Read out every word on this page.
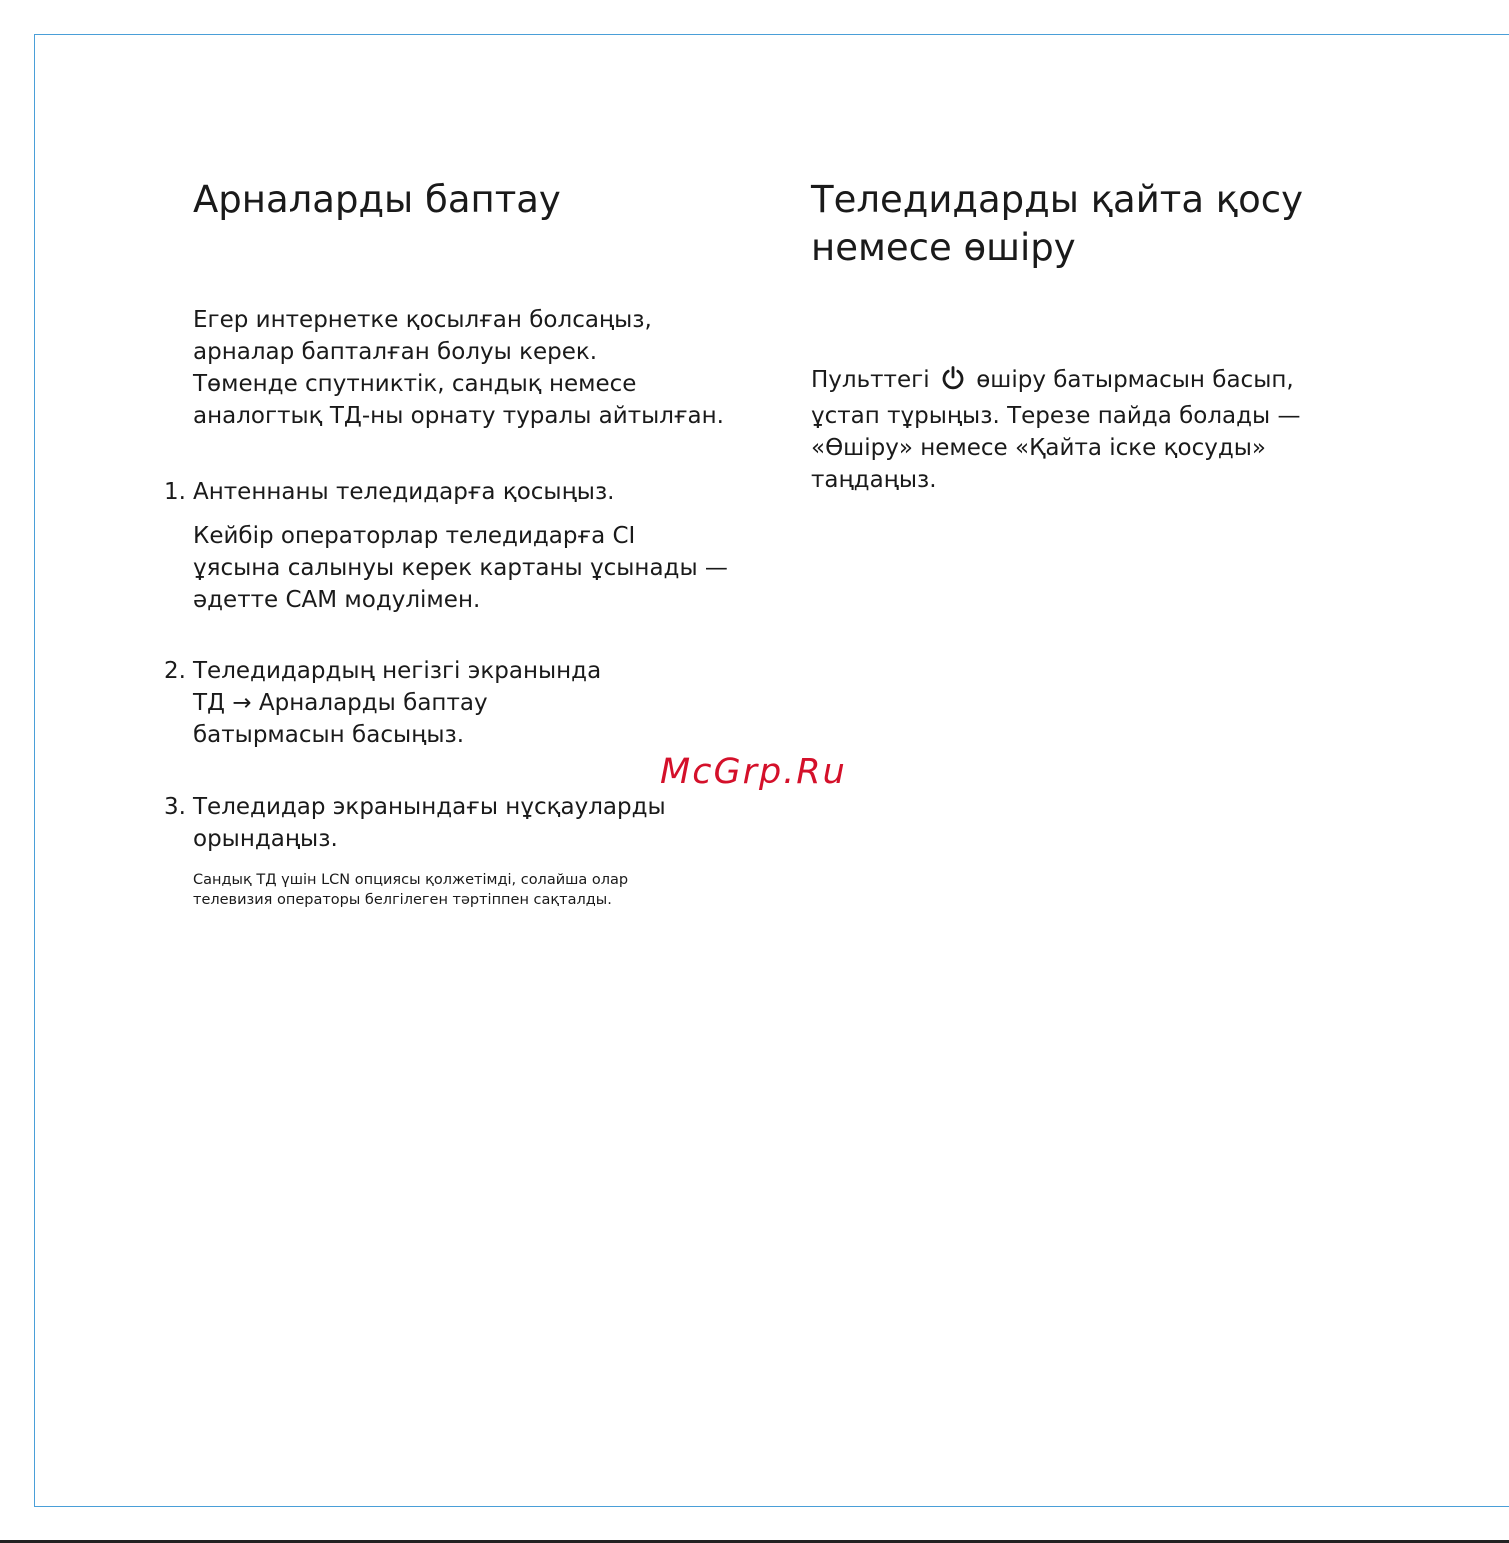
Арналарды баптау

Егер интернетке қосылған болсаңыз,
арналар бапталған болуы керек.
Төменде спутниктік, сандық немесе
аналогтық ТД-ны орнату туралы айтылған.

1. Антеннаны теледидарға қосыңыз.

Кейбір операторлар теледидарға CI
ұясына салынуы керек картаны ұсынады —
әдетте CAM модулімен.

2. Теледидардың негізгі экранында
ТД → Арналарды баптау
батырмасын басыңыз.

3. Теледидар экранындағы нұсқауларды
орындаңыз.

Сандық ТД үшін LCN опциясы қолжетімді, солайша олар
телевизия операторы белгілеген тәртіппен сақталды.

Теледидарды қайта қосу
немесе өшіру

Пульттегі өшіру батырмасын басып,
ұстап тұрыңыз. Терезе пайда болады —
«Өшіру» немесе «Қайта іске қосуды»
таңдаңыз.

McGrp.Ru
